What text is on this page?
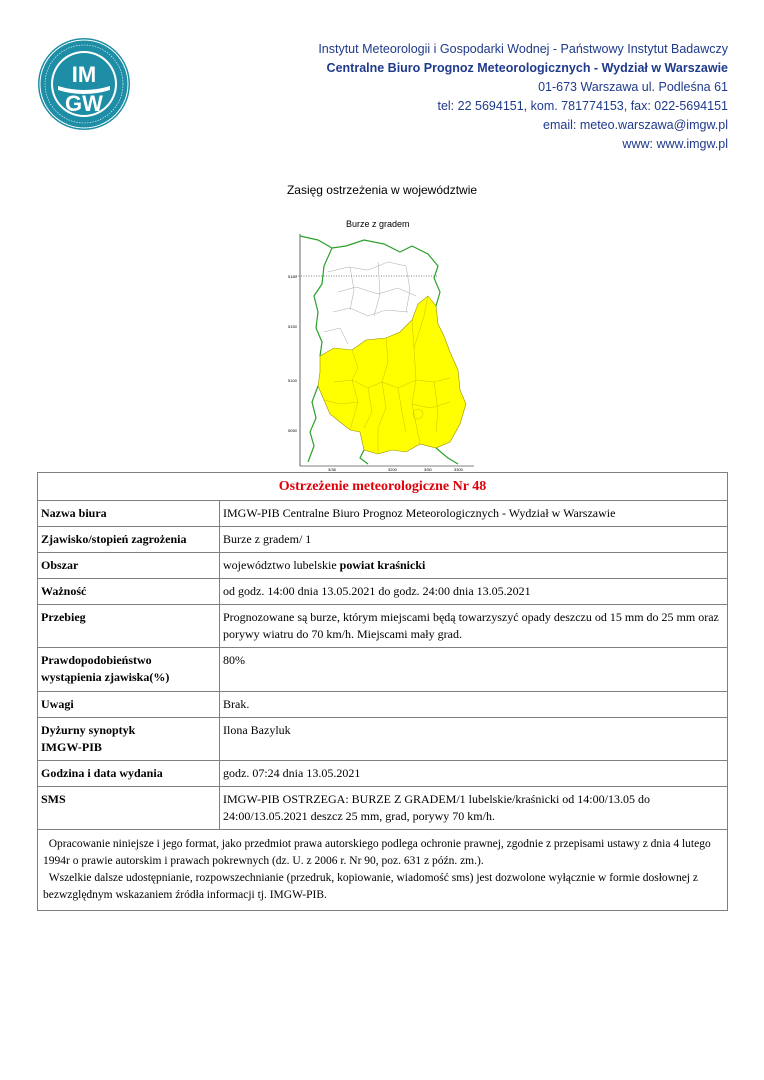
IM
GW
Instytut Meteorologii i Gospodarki Wodnej - Państwowy Instytut Badawczy
Centralne Biuro Prognoz Meteorologicznych - Wydział w Warszawie
01-673 Warszawa ul. Podleśna 61
tel: 22 5694151, kom. 781774153, fax: 022-5694151
email: meteo.warszawa@imgw.pl
www: www.imgw.pl
Zasięg ostrzeżenia w województwie
Burze z gradem
5180
5150
5100
5050
3/38	3200	3/50	3300
Ostrzeżenie meteorologiczne Nr 48	
Nazwa biura	IMGW-PIB Centralne Biuro Prognoz Meteorologicznych - Wydział w Warszawie
Zjawisko/stopień zagrożenia	Burze z gradem/ 1
Obszar	województwo lubelskie powiat kraśnicki
Ważność	od godz. 14:00 dnia 13.05.2021 do godz. 24:00 dnia 13.05.2021
Przebieg	Prognozowane są burze, którym miejscami będą towarzyszyć opady deszczu od 15 mm do 25 mm oraz porywy wiatru do 70 km/h. Miejscami mały grad.
Prawdopodobieństwo
wystąpienia zjawiska(%)	80%
Uwagi	Brak.
Dyżurny synoptyk
IMGW-PIB	Ilona Bazyluk
Godzina i data wydania	godz. 07:24 dnia 13.05.2021
SMS	IMGW-PIB OSTRZEGA: BURZE Z GRADEM/1 lubelskie/kraśnicki od 14:00/13.05 do 24:00/13.05.2021 deszcz 25 mm, grad, porywy 70 km/h.
Opracowanie niniejsze i jego format, jako przedmiot prawa autorskiego podlega ochronie prawnej, zgodnie z przepisami ustawy z dnia 4 lutego 1994r o prawie autorskim i prawach pokrewnych (dz. U. z 2006 r. Nr 90, poz. 631 z późn. zm.).
Wszelkie dalsze udostępnianie, rozpowszechnianie (przedruk, kopiowanie, wiadomość sms) jest dozwolone wyłącznie w formie dosłownej z bezwzględnym wskazaniem źródła informacji tj. IMGW-PIB.	
